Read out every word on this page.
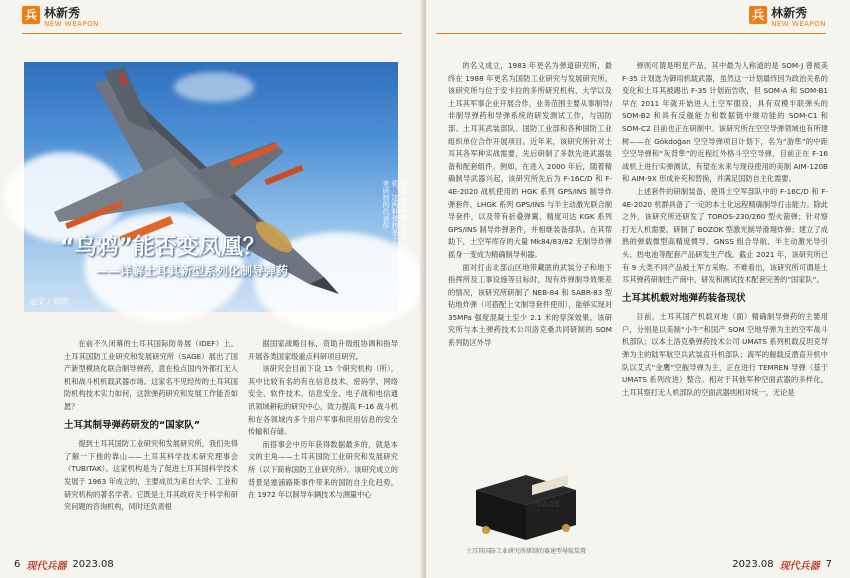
兵 林新秀
NEW WEAPON
搭载 SOM 和“游隼”的土耳其 F-16 战机，这两种弹药是土耳其国防工业近年来研制的代表作
“乌鸦”能否变凤凰？
——详解土耳其新型系列化制导弹药
◎文 / 周凯

在前不久闭幕的土耳其国际防务展（IDEF）上，土耳其国防工业研究和发展研究所（SAGE）展出了国产新型模块化联合制导弹药，意在检点国内外都打无人机和战斗机机载武器市场。这家名不见经传的土耳其国防机构技术实力如何，这款弹药研究和发展工作能否如愿？

土耳其制导弹药研发的“国家队”

提到土耳其国防工业研究和发展研究所，我们先得了解一下他的靠山——土耳其科学技术研究理事会（TUBITAK）。这家机构是为了促进土耳其国科学技术发展于 1963 年成立的，主要成员为来自大学、工业和研究机构的著名学者。它既是土耳其政府关于科学和研究问题的咨询机构，同时还负责根

据国家战略目标，资助升级组协调和指导开展各类国家级重点科研项目研究。

该研究会目前下设 15 个研究机构（所），其中比较有名的有在信息技术、密码学、网络安全、软件技术、信息安全、电子战和电信通讯领域耕耘的研究中心，致力提高 F-16 战斗机和在各领域内多个用户军事和民用信息的安全传输和存储。

而搭事会中历年获得数据最多的，就是本文的主角——土耳其国防工业研究和发展研究所（以下简称国防工业研究所）。该研究成立的背景是塞浦路斯事件带来的国防自主化趋势，在 1972 年以制导车辆技术与测量中心

6 现代兵器 2023.08
兵 林新秀
NEW WEAPON

的名义成立，1983 年更名为弹道研究所，最终在 1988 年更名为国防工业研究与发展研究所。该研究所与位于安卡拉的多所研究机构、大学以及土耳其军事企业开展合作，业务范围主要从事制导/非制导弹药和导弹系统的研发测试工作，与国防部、土耳其武装部队、国防工业部和各种国防工业组织单位合作开展项目。近年来，该研究所针对土耳其各军种实战需要，先后研制了多款先进武器装备和配套组件。例如，在进入 2000 年后，随着精确制导武器兴起，该研究所先后为 F-16C/D 和 F-4E-2020 战机使用的 HGK 系列 GPS/INS 制导炸弹套件、LHGK 系列 GPS/INS 与半主动激光联合制导套件，以及带有折叠弹翼、精度可达 KGK 系列 GPS/INS 制导炸弹套件，并相继装备部队。在其帮助下，土空军库存的大量 Mk84/83/82 无制导炸弹摇身一变成为精确制导利器。

面对打击北部山区地带藏匿的武装分子和地下指挥所及工事设施等目标时，现有炸弹制导效果差的情况，该研究所研制了 NEB-84 和 SABR-83 型钻地炸弹（可搭配上文制导套件使用），能够实现对 35MPa 强度混凝土至少 2.1 米的穿深效果。该研究所与本土弹药技术公司洛克桑共同研制的 SOM 系列防区外导

弹则可谓是明星产品，其中最为人称道的是 SOM-J 曾被美 F-35 计划选为御用机载武器，虽然这一计划最终因为政治关系的变化和土耳其被踢出 F-35 计划而告吹，但 SOM-A 和 SOM-B1 早在 2011 年就开始进入土空军服役，具有双模半联弹头的 SOM-B2 和具有反舰能力和数据链中继功能的 SOM-C1 和 SOM-C2 目前也正在研制中。该研究所在空空导弹领域也有所建树——在 Gökdoğan 空空导弹项目计划下，名为“游隼”的中距空空导弹和“灰背隼”的近程红外格斗空空导弹，目前正在 F-16 战机上进行实弹测试，有望在未来与现役使用的美制 AIM-120B 和 AIM-9X 形成补充和替换，并满足国防自主化需要。

上述套件的研制装备，使得土空军部队中的 F-16C/D 和 F-4E-2020 机群具备了一定的本土化远程精确制导打击能力。除此之外，该研究所还研发了 TOROS-230/260 型火箭弹；针对察打无人机需要，研制了 BOZOK 型激光制导滑翔炸弹；建立了成熟的弹载微型高精度惯导、GNSS 组合导航、半主动激光导引头、热电池等配套产品研发生产线。截止 2021 年，该研究所已有 9 大类不同产品被土军方采购。不难看出，该研究所可谓是土耳其弹药研制生产商中，研发和测试技术配套完善的“国家队”。

土耳其机载对地弹药装备现状

目前，土耳其国产机载对地（面）精确制导弹药的主要用户，分别是以美制“小牛”和国产 SOM 空地导弹为主的空军战斗机部队；以本土洛克桑弹药技术公司 UMATS 系列机载反坦克导弹为主的陆军航空兵武装直升机部队；海军的舰载反潜直升机中队以艾式“金鹰”空舰导弹为主，正在进行 TEMREN 导弹（基于 UMATS 系列改进）整合。相对于其他军种空面武器的多样化，土耳其察打无人机部队的空面武器则相对统一，无论是

SAGE
土耳其国防工业研究所研制的赛速型导航装置
2023.08 现代兵器 7
